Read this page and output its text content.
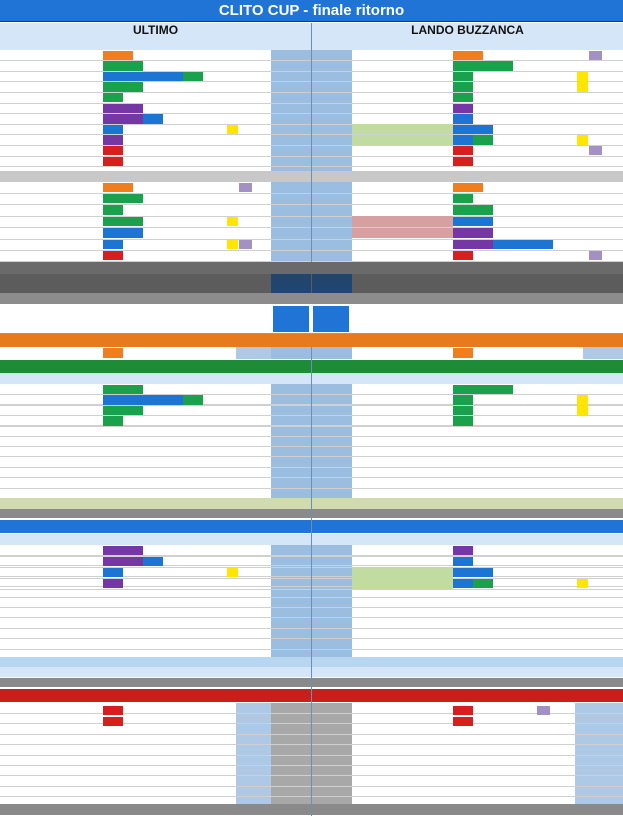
CLITO CUP - finale ritorno
ULTIMO	LANDO BUZZANCA
